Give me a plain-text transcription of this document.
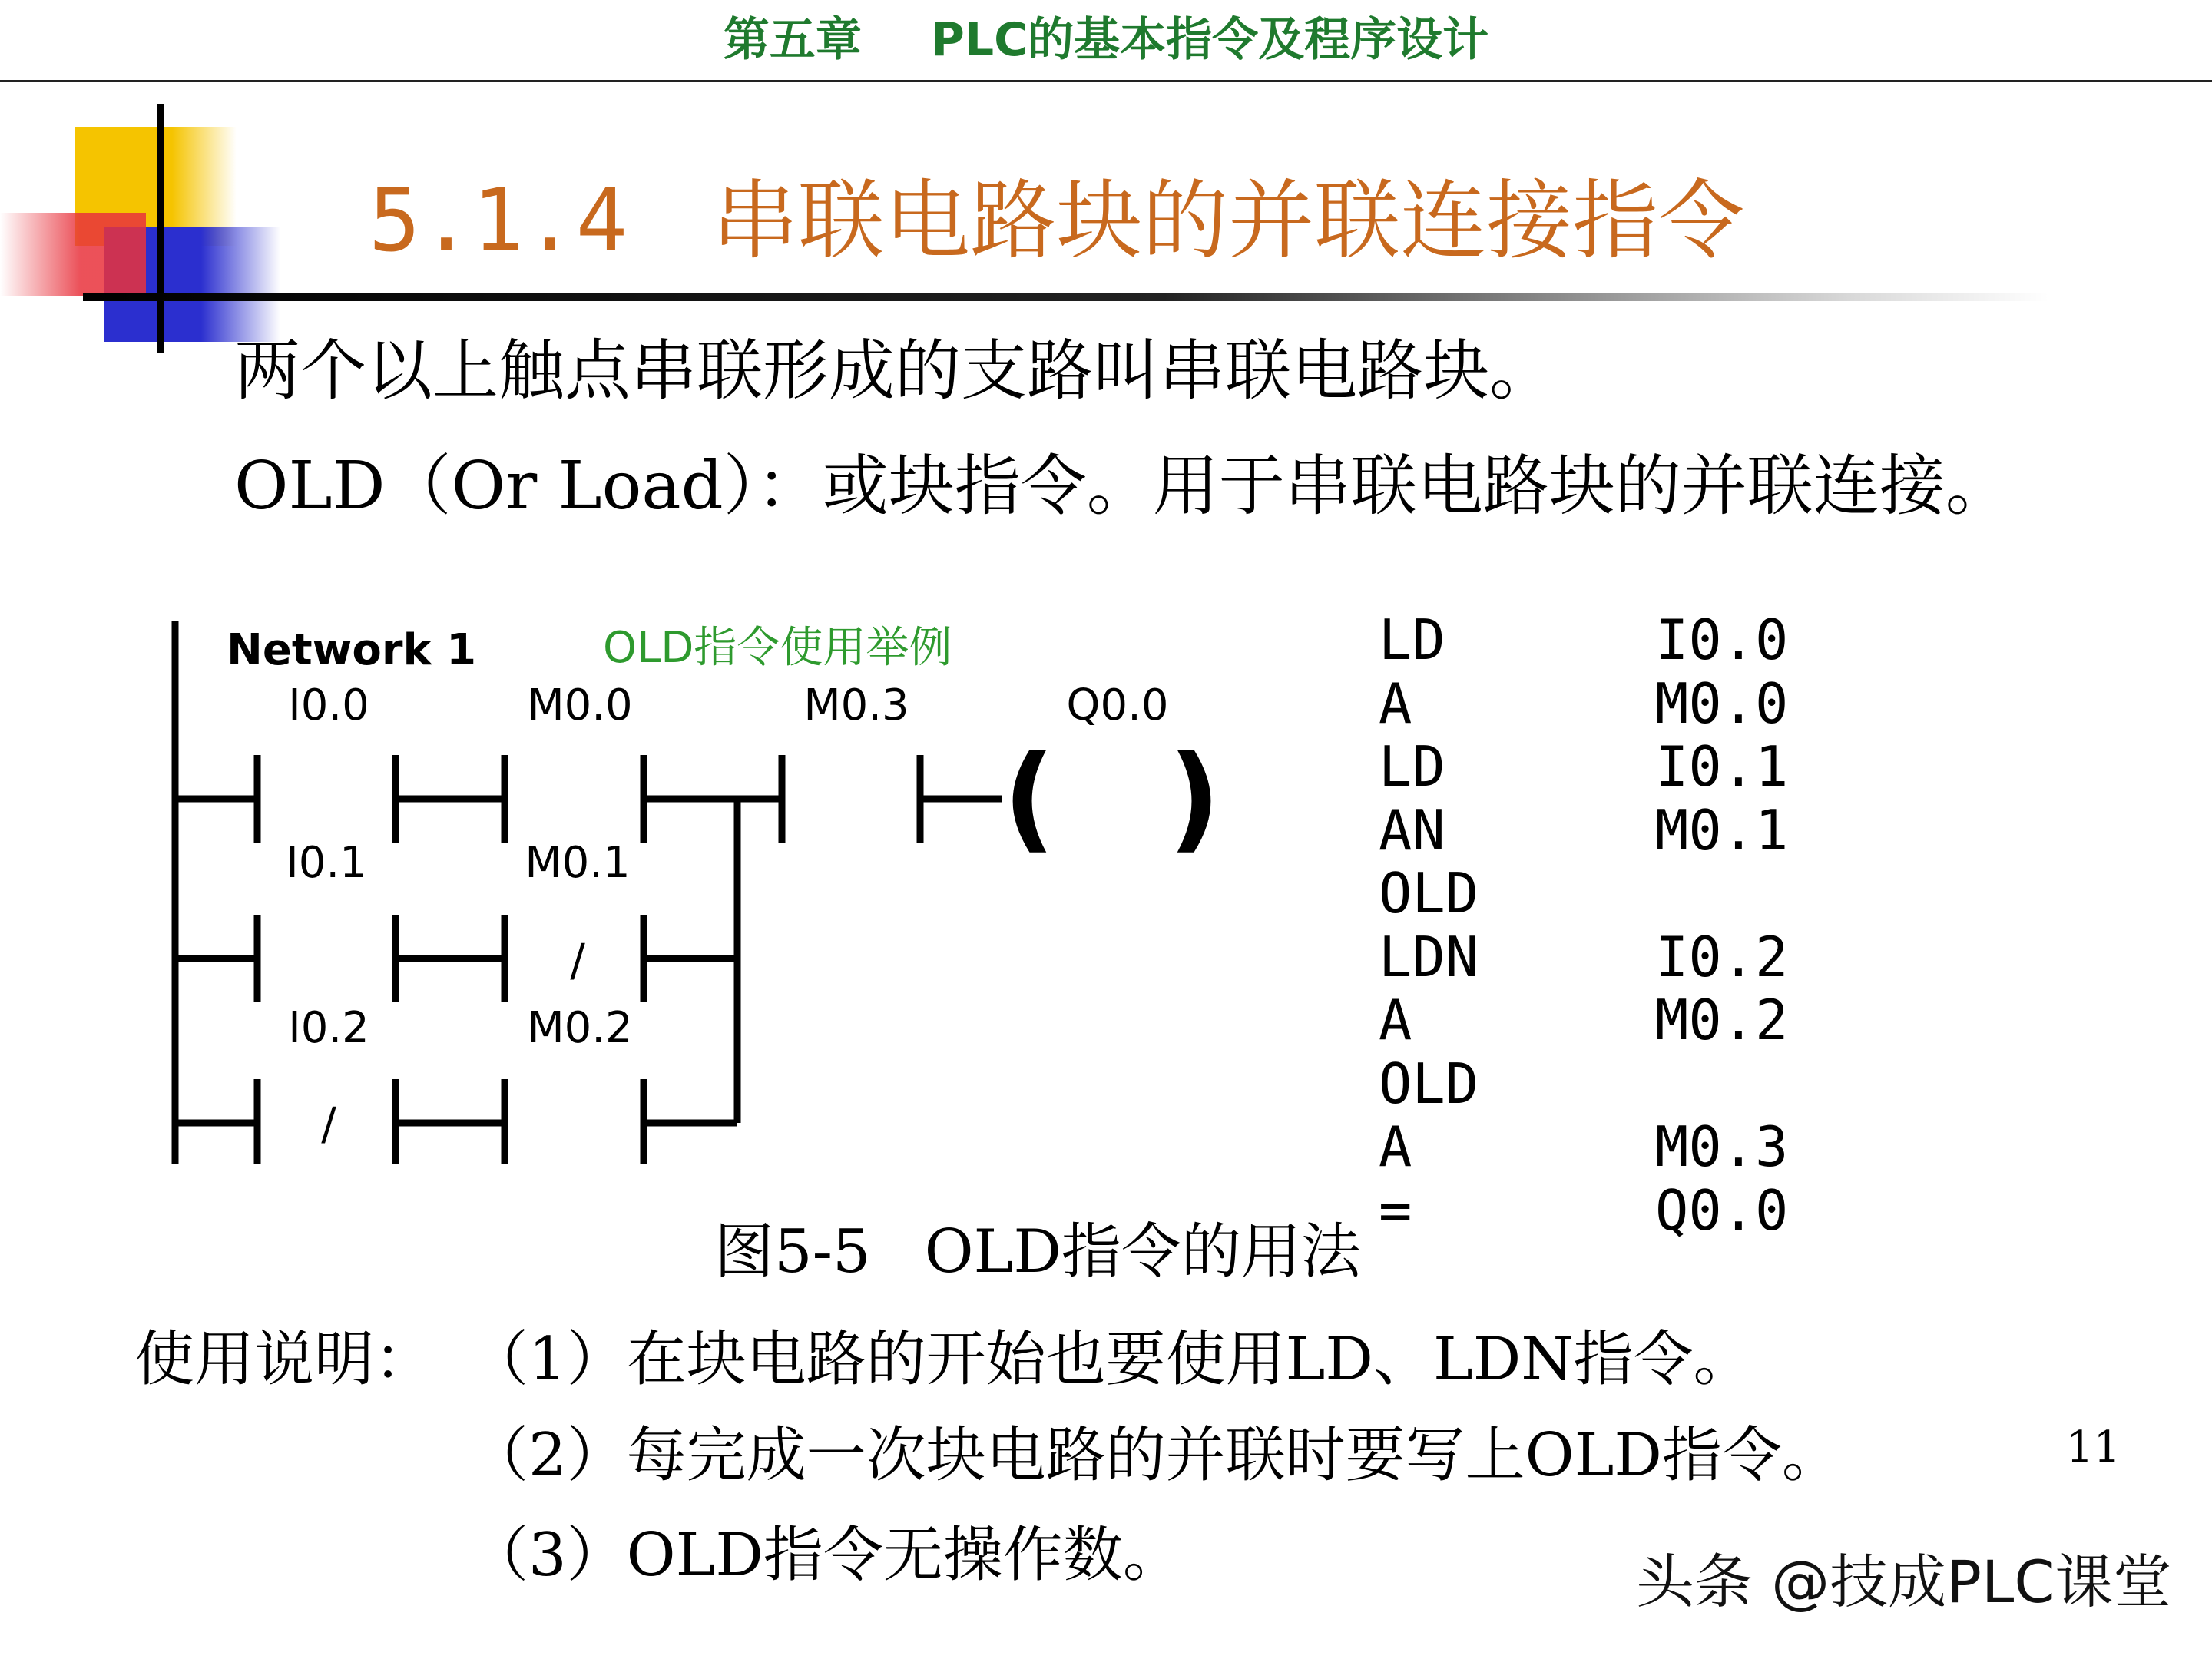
第五章 PLC的基本指令及程序设计
5.1.4 串联电路块的并联连接指令
两个以上触点串联形成的支路叫串联电路块。
OLD（Or Load）：或块指令。用于串联电路块的并联连接。
Network 1	OLD指令使用举例
I0.0	M0.0	M0.3	Q0.0
I0.1	M0.1
I0.2	M0.2
/
/
( )
LD	I0.0
A	M0.0
LD	I0.1
AN	M0.1
OLD
LDN	I0.2
A	M0.2
OLD
A	M0.3
=	Q0.0
图5-5 OLD指令的用法
使用说明： （1）在块电路的开始也要使用LD、LDN指令。
（2）每完成一次块电路的并联时要写上OLD指令。
（3）OLD指令无操作数。
11
头条 @技成PLC课堂
